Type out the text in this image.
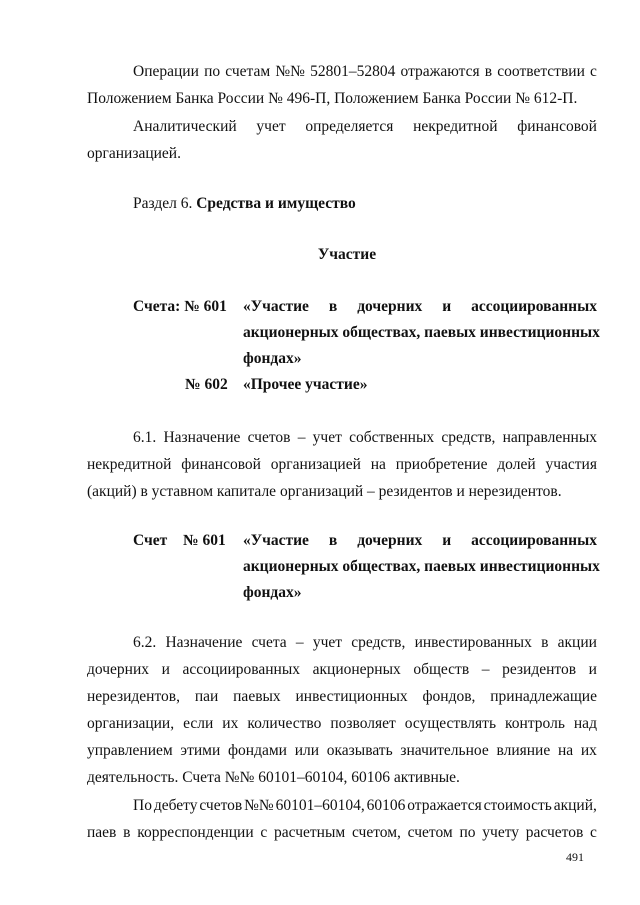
Операции по счетам №№ 52801–52804 отражаются в соответствии с
Положением Банка России № 496-П, Положением Банка России № 612-П.
Аналитический учет определяется некредитной финансовой
организацией.
Раздел 6. Средства и имущество
Участие
Счета: № 601 «Участие в дочерних и ассоциированных
акционерных обществах, паевых инвестиционных
фондах»
№ 602 «Прочее участие»
6.1. Назначение счетов – учет собственных средств, направленных
некредитной финансовой организацией на приобретение долей участия
(акций) в уставном капитале организаций – резидентов и нерезидентов.
Счет № 601 «Участие в дочерних и ассоциированных
акционерных обществах, паевых инвестиционных
фондах»
6.2. Назначение счета – учет средств, инвестированных в акции
дочерних и ассоциированных акционерных обществ – резидентов и
нерезидентов, паи паевых инвестиционных фондов, принадлежащие
организации, если их количество позволяет осуществлять контроль над
управлением этими фондами или оказывать значительное влияние на их
деятельность. Счета №№ 60101–60104, 60106 активные.
По дебету счетов №№ 60101–60104, 60106 отражается стоимость акций,
паев в корреспонденции с расчетным счетом, счетом по учету расчетов с
491
